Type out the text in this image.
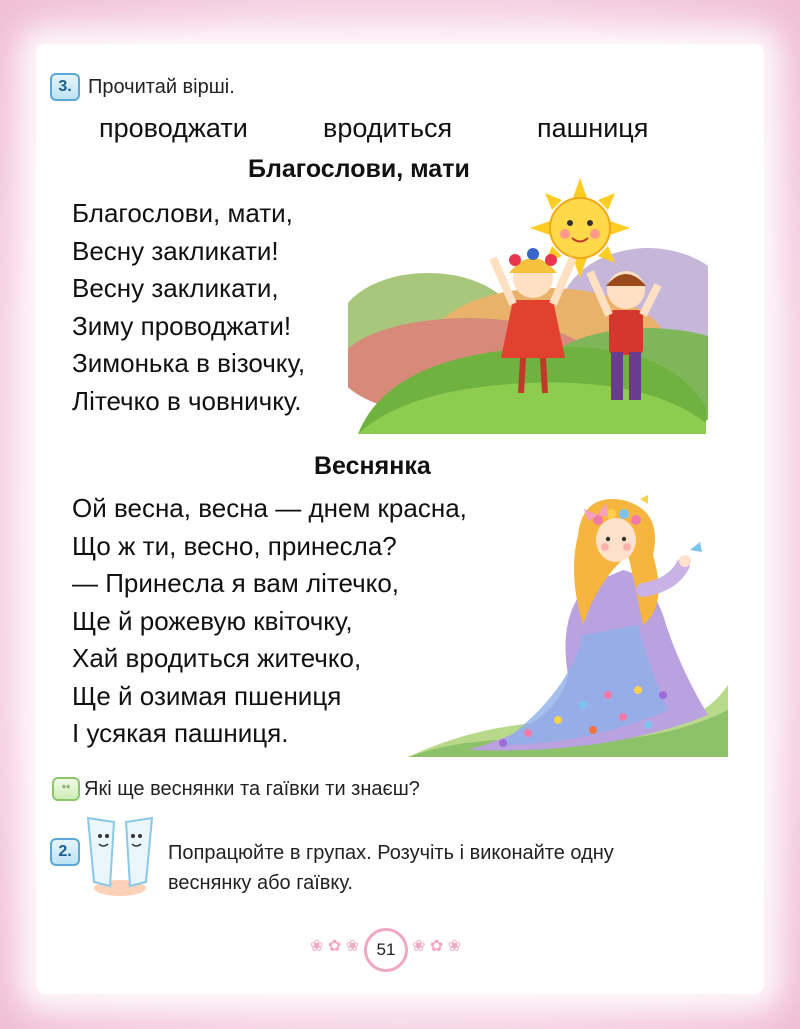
3. Прочитай вірші.
проводжати	вродиться	пашниця
Благослови, мати
Благослови, мати,
Весну закликати!
Весну закликати,
Зиму проводжати!
Зимонька в візочку,
Літечко в човничку.
Веснянка
Ой весна, весна — днем красна,
Що ж ти, весно, принесла?
— Принесла я вам літечко,
Ще й рожевую квіточку,
Хай вродиться житечко,
Ще й озимая пшениця
І усякая пашниця.
** Які ще веснянки та гаївки ти знаєш?
2.	Попрацюйте в групах. Розучіть і виконайте одну
веснянку або гаївку.
❀ ✿ ❀	51	❀ ✿ ❀
